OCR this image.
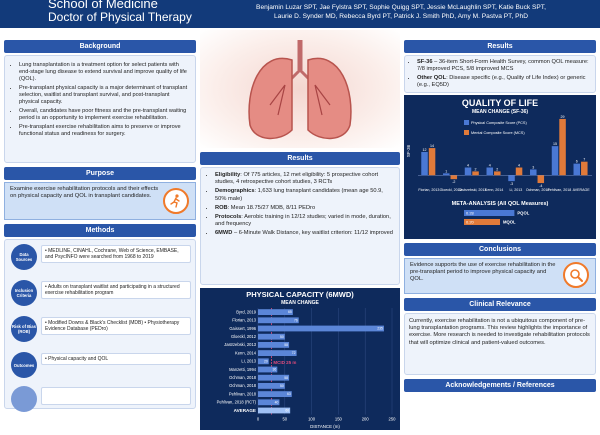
School of Medicine
Doctor of Physical Therapy
Benjamin Luzar SPT, Jae Fylstra SPT, Sophie Quigg SPT, Jessie McLaughlin SPT, Katie Buck SPT,
Laurie D. Synder MD, Rebecca Byrd PT, Patrick J. Smith PhD, Amy M. Pastva PT, PhD
Background
• Lung transplantation is a treatment option for select patients with end-stage lung disease to extend survival and improve quality of life (QOL).
• Pre-transplant physical capacity is a major determinant of transplant selection, waitlist and transplant survival, and post-transplant physical capacity.
• Overall, candidates have poor fitness and the pre-transplant waiting period is an opportunity to implement exercise rehabilitation.
• Pre-transplant exercise rehabilitation aims to preserve or improve functional status and readiness for surgery.
Purpose
Examine exercise rehabilitation protocols and their effects on physical capacity and QOL in transplant candidates.
Methods
Data Sources
• MEDLINE, CINAHL, Cochrane, Web of Science, EMBASE, and PsycINFO were searched from 1968 to 2019
Inclusion Criteria
• Adults on transplant waitlist and participating in a structured exercise rehabilitation program
Risk of Bias (ROB)
• Modified Downs & Black's Checklist (MDB) • Physiotherapy Evidence Database (PEDro)
Outcomes
• Physical capacity and QOL
Results
• Eligibility: Of 775 articles, 12 met eligibility: 5 prospective cohort studies, 4 retrospective cohort studies, 3 RCTs
• Demographics: 1,633 lung transplant candidates (mean age 50.9, 50% male)
• ROB: Mean 18.75/27 MDB, 8/11 PEDro
• Protocols: Aerobic training in 12/12 studies; varied in mode, duration, and frequency
• 6MWD – 6-Minute Walk Distance, key waitlist criterion: 11/12 improved
PHYSICAL CAPACITY (6MWD)
MEAN CHANGE
0	50	100	150	200	250
MCID 25 m
Byrd, 2019	65
Florian, 2013	76
Gaissert, 1996	235
Gloeckl, 2012	50
Jastrzebski, 2013	58
Kenn, 2014	72
Li, 2013 20
Manzetti, 1994	36
Ochman, 2018	58
Ochman, 2018	50
Pehlivan, 2018	63
Pehlivan, 2018 (RCT)	40
AVERAGE	60
DISTANCE (m)
Results
• SF-36 – 36-item Short-Form Health Survey, common QOL measure: 7/8 improved PCS, 5/8 improved MCS
• Other QOL: Disease specific (e.g., Quality of Life Index) or generic (e.g., EQ5D)
QUALITY OF LIFE
MEAN CHANGE (SF-36)
SF-36	12
14
Florian, 2013
1
-2
Gloeckl, 2012
4
2
Jastrzebski, 2013
4
2
Kenn, 2014
-3
4
Li, 2013
3
-4
Ochman, 2018
15
29
Pehlivan, 2018
6 7
AVERAGE
Physical Composite Score (PCS)
Mental Composite Score (MCS)
META-ANALYSIS (All QOL Measures)
0.28	PQOL
0.20	MQOL
Conclusions
Evidence supports the use of exercise rehabilitation in the pre-transplant period to improve physical capacity and QOL.
Clinical Relevance
Currently, exercise rehabilitation is not a ubiquitous component of pre-lung transplantation programs. This review highlights the importance of exercise. More research is needed to investigate rehabilitation protocols that will optimize clinical and patient-valued outcomes.
Acknowledgements / References
